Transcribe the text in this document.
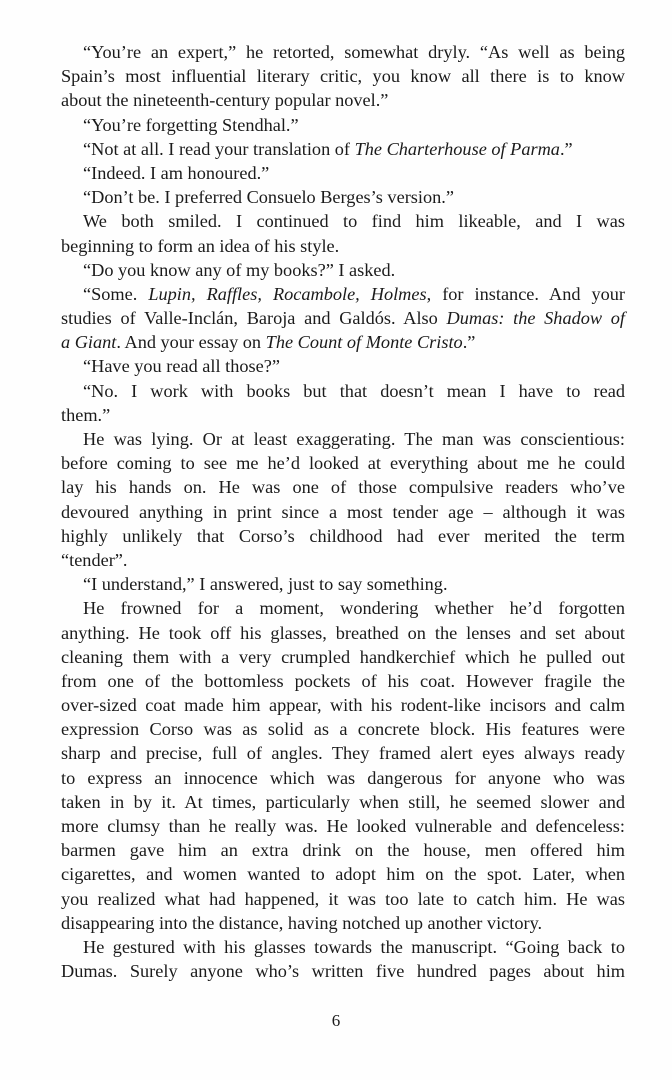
“You’re an expert,” he retorted, somewhat dryly. “As well as being
Spain’s most influential literary critic, you know all there is to know
about the nineteenth-century popular novel.”
“You’re forgetting Stendhal.”
“Not at all. I read your translation of The Charterhouse of Parma.”
“Indeed. I am honoured.”
“Don’t be. I preferred Consuelo Berges’s version.”
We both smiled. I continued to find him likeable, and I was
beginning to form an idea of his style.
“Do you know any of my books?” I asked.
“Some. Lupin, Raffles, Rocambole, Holmes, for instance. And your
studies of Valle-Inclán, Baroja and Galdós. Also Dumas: the Shadow of
a Giant. And your essay on The Count of Monte Cristo.”
“Have you read all those?”
“No. I work with books but that doesn’t mean I have to read
them.”
He was lying. Or at least exaggerating. The man was conscientious:
before coming to see me he’d looked at everything about me he could
lay his hands on. He was one of those compulsive readers who’ve
devoured anything in print since a most tender age – although it was
highly unlikely that Corso’s childhood had ever merited the term
“tender”.
“I understand,” I answered, just to say something.
He frowned for a moment, wondering whether he’d forgotten
anything. He took off his glasses, breathed on the lenses and set about
cleaning them with a very crumpled handkerchief which he pulled out
from one of the bottomless pockets of his coat. However fragile the
over-sized coat made him appear, with his rodent-like incisors and calm
expression Corso was as solid as a concrete block. His features were
sharp and precise, full of angles. They framed alert eyes always ready
to express an innocence which was dangerous for anyone who was
taken in by it. At times, particularly when still, he seemed slower and
more clumsy than he really was. He looked vulnerable and defenceless:
barmen gave him an extra drink on the house, men offered him
cigarettes, and women wanted to adopt him on the spot. Later, when
you realized what had happened, it was too late to catch him. He was
disappearing into the distance, having notched up another victory.
He gestured with his glasses towards the manuscript. “Going back to
Dumas. Surely anyone who’s written five hundred pages about him
6
